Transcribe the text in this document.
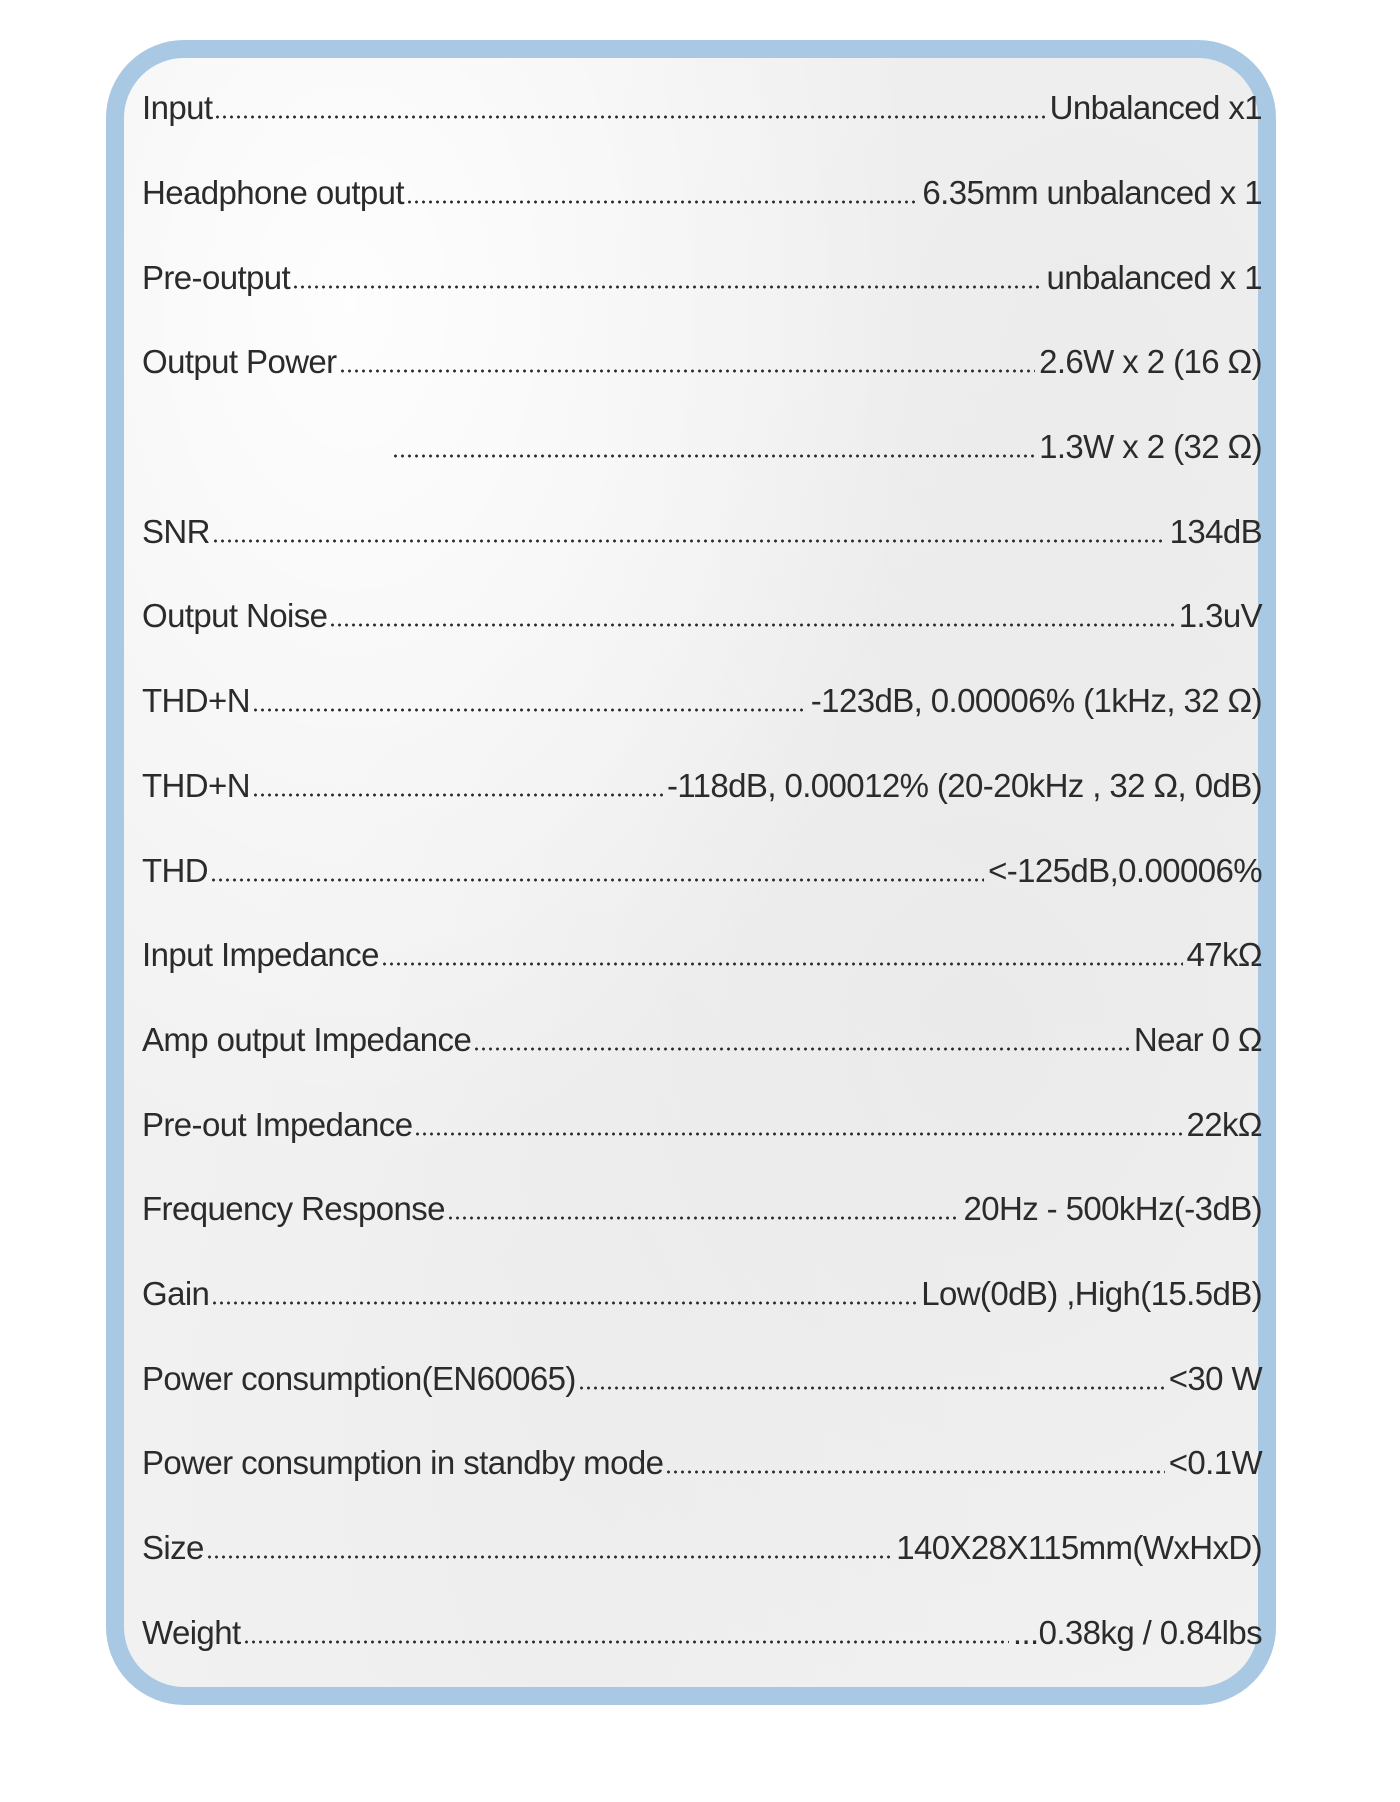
Input	Unbalanced x1
Headphone output	6.35mm unbalanced x 1
Pre-output	unbalanced x 1
Output Power	2.6W x 2 (16 Ω)
1.3W x 2 (32 Ω)
SNR	134dB
Output Noise	1.3uV
THD+N	-123dB, 0.00006% (1kHz, 32 Ω)
THD+N	-118dB, 0.00012% (20-20kHz , 32 Ω, 0dB)
THD	<-125dB,0.00006%
Input Impedance	47kΩ
Amp output Impedance	Near 0 Ω
Pre-out Impedance	22kΩ
Frequency Response	20Hz - 500kHz(-3dB)
Gain	Low(0dB) ,High(15.5dB)
Power consumption(EN60065)	<30 W
Power consumption in standby mode	<0.1W
Size	140X28X115mm(WxHxD)
Weight	...0.38kg / 0.84lbs
